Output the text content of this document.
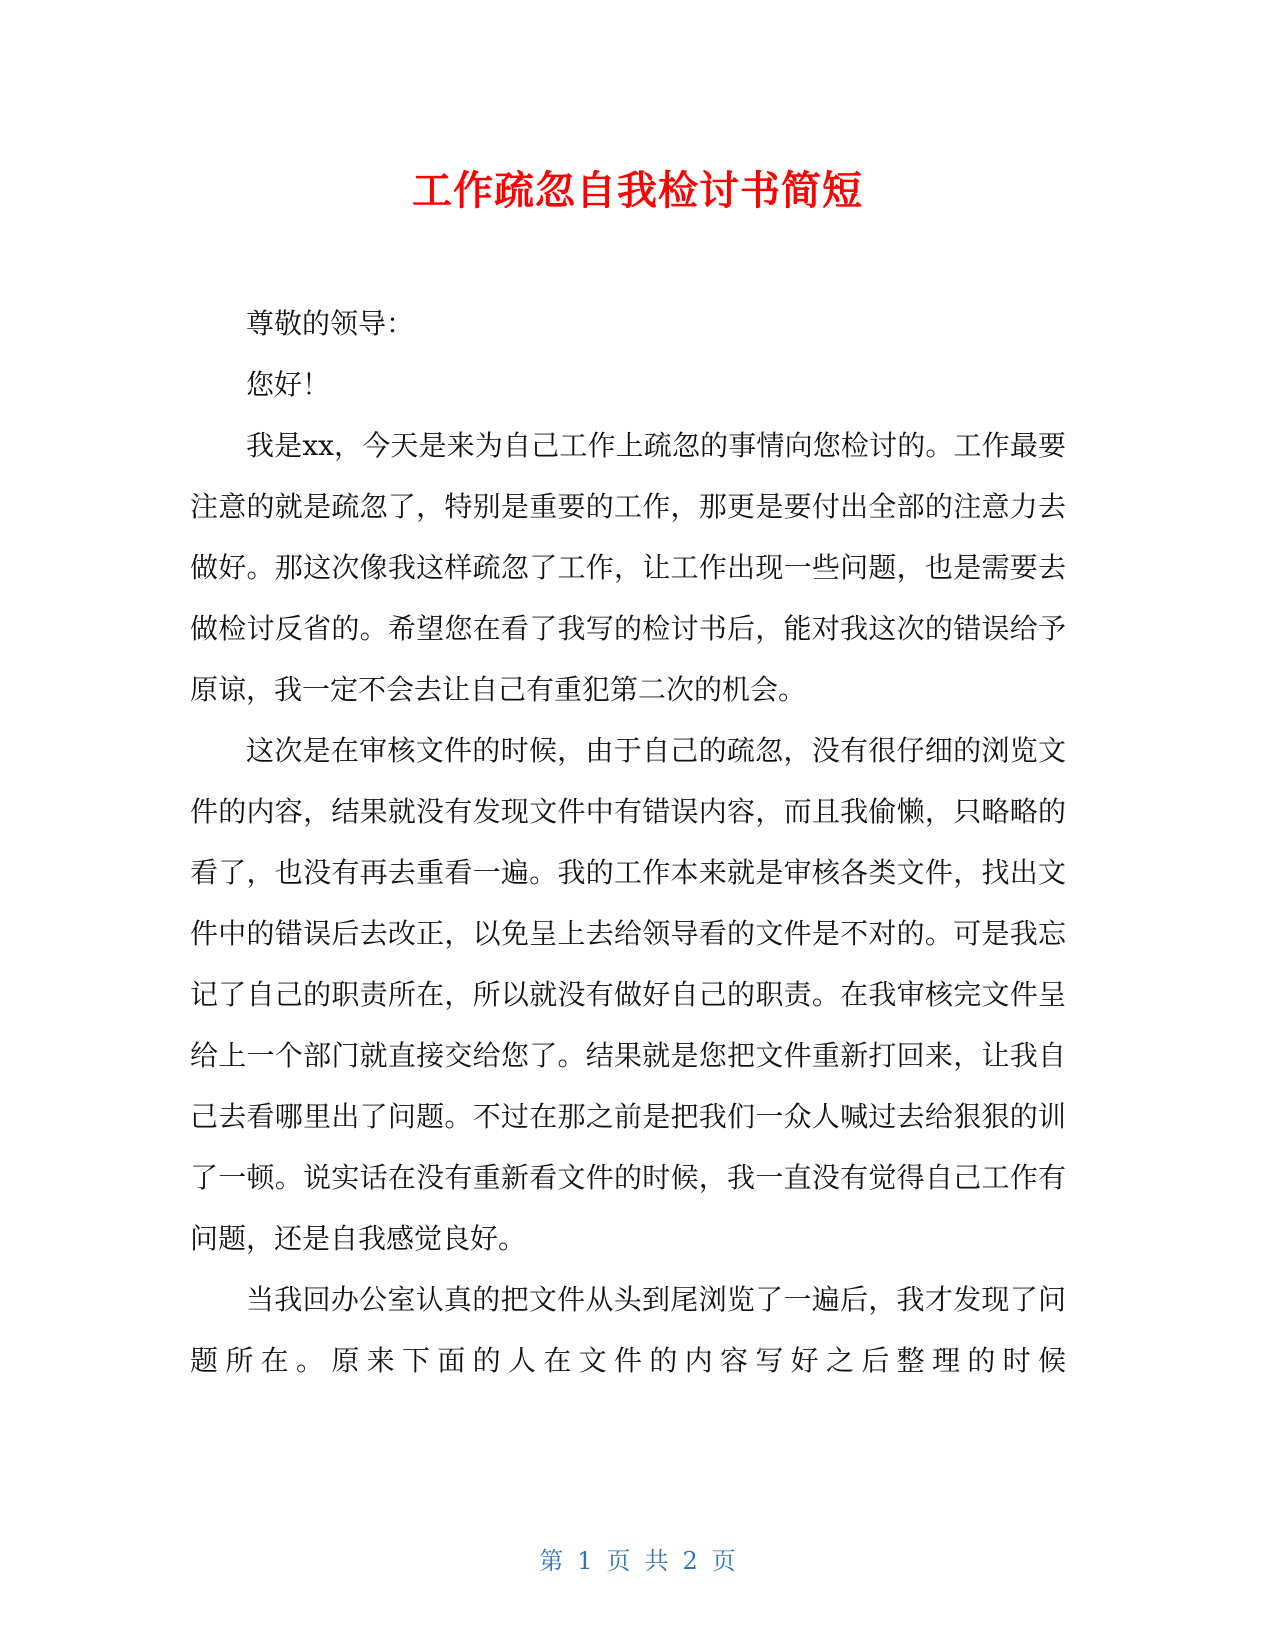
工作疏忽自我检讨书简短

尊敬的领导：

您好！

我是xx，今天是来为自己工作上疏忽的事情向您检讨的。工作最要注意的就是疏忽了，特别是重要的工作，那更是要付出全部的注意力去做好。那这次像我这样疏忽了工作，让工作出现一些问题，也是需要去做检讨反省的。希望您在看了我写的检讨书后，能对我这次的错误给予原谅，我一定不会去让自己有重犯第二次的机会。

这次是在审核文件的时候，由于自己的疏忽，没有很仔细的浏览文件的内容，结果就没有发现文件中有错误内容，而且我偷懒，只略略的看了，也没有再去重看一遍。我的工作本来就是审核各类文件，找出文件中的错误后去改正，以免呈上去给领导看的文件是不对的。可是我忘记了自己的职责所在，所以就没有做好自己的职责。在我审核完文件呈给上一个部门就直接交给您了。结果就是您把文件重新打回来，让我自己去看哪里出了问题。不过在那之前是把我们一众人喊过去给狠狠的训了一顿。说实话在没有重新看文件的时候，我一直没有觉得自己工作有问题，还是自我感觉良好。

当我回办公室认真的把文件从头到尾浏览了一遍后，我才发现了问题所在。原来下面的人在文件的内容写好之后整理的时候

第 1 页 共 2 页
